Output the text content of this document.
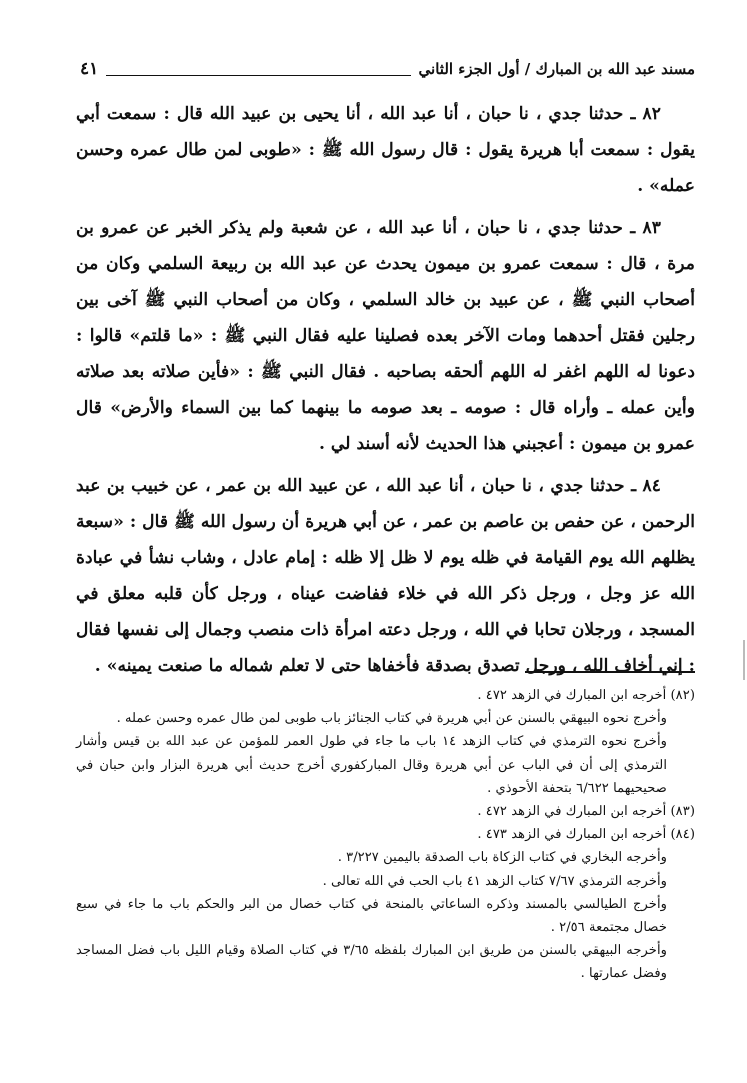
مسند عبد الله بن المبارك / أول الجزء الثاني
٤١

٨٢ ـ حدثنا جدي ، نا حبان ، أنا عبد الله ، أنا يحيى بن عبيد الله قال : سمعت أبي يقول : سمعت أبا هريرة يقول : قال رسول الله ﷺ : «طوبى لمن طال عمره وحسن عمله» .

٨٣ ـ حدثنا جدي ، نا حبان ، أنا عبد الله ، عن شعبة ولم يذكر الخبر عن عمرو بن مرة ، قال : سمعت عمرو بن ميمون يحدث عن عبد الله بن ربيعة السلمي وكان من أصحاب النبي ﷺ ، عن عبيد بن خالد السلمي ، وكان من أصحاب النبي ﷺ آخى بين رجلين فقتل أحدهما ومات الآخر بعده فصلينا عليه فقال النبي ﷺ : «ما قلتم» قالوا : دعونا له اللهم اغفر له اللهم ألحقه بصاحبه . فقال النبي ﷺ : «فأين صلاته بعد صلاته وأين عمله ـ وأراه قال : صومه ـ بعد صومه ما بينهما كما بين السماء والأرض» قال عمرو بن ميمون : أعجبني هذا الحديث لأنه أسند لي .

٨٤ ـ حدثنا جدي ، نا حبان ، أنا عبد الله ، عن عبيد الله بن عمر ، عن خبيب بن عبد الرحمن ، عن حفص بن عاصم بن عمر ، عن أبي هريرة أن رسول الله ﷺ قال : «سبعة يظلهم الله يوم القيامة في ظله يوم لا ظل إلا ظله : إمام عادل ، وشاب نشأ في عبادة الله عز وجل ، ورجل ذكر الله في خلاء ففاضت عيناه ، ورجل كأن قلبه معلق في المسجد ، ورجلان تحابا في الله ، ورجل دعته امرأة ذات منصب وجمال إلى نفسها فقال : إني أخاف الله ، ورجل تصدق بصدقة فأخفاها حتى لا تعلم شماله ما صنعت يمينه» .

(٨٢) أخرجه ابن المبارك في الزهد ٤٧٢ .

وأخرج نحوه البيهقي بالسنن عن أبي هريرة في كتاب الجنائز باب طوبى لمن طال عمره وحسن عمله .

وأخرج نحوه الترمذي في كتاب الزهد ١٤ باب ما جاء في طول العمر للمؤمن عن عبد الله بن قيس وأشار الترمذي إلى أن في الباب عن أبي هريرة وقال المباركفوري أخرج حديث أبي هريرة البزار وابن حبان في صحيحيهما ٦/٦٢٢ بتحفة الأحوذي .

(٨٣) أخرجه ابن المبارك في الزهد ٤٧٢ .

(٨٤) أخرجه ابن المبارك في الزهد ٤٧٣ .

وأخرجه البخاري في كتاب الزكاة باب الصدقة باليمين ٣/٢٢٧ .

وأخرجه الترمذي ٧/٦٧ كتاب الزهد ٤١ باب الحب في الله تعالى .

وأخرج الطيالسي بالمسند وذكره الساعاتي بالمنحة في كتاب خصال من البر والحكم باب ما جاء في سبع خصال مجتمعة ٢/٥٦ .

وأخرجه البيهقي بالسنن من طريق ابن المبارك بلفظه ٣/٦٥ في كتاب الصلاة وقيام الليل باب فضل المساجد وفضل عمارتها .
